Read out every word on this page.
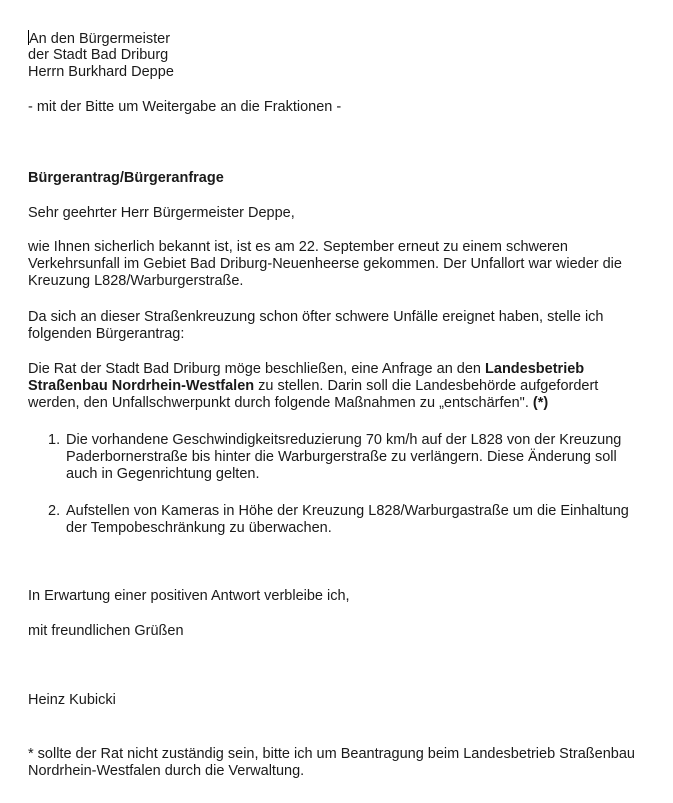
An den Bürgermeister
der Stadt Bad Driburg
Herrn Burkhard Deppe
- mit der Bitte um Weitergabe an die Fraktionen -
Bürgerantrag/Bürgeranfrage
Sehr geehrter Herr Bürgermeister Deppe,
wie Ihnen sicherlich bekannt ist, ist es am 22. September erneut zu einem schweren
Verkehrsunfall im Gebiet Bad Driburg-Neuenheerse gekommen. Der Unfallort war wieder die
Kreuzung L828/Warburgerstraße.
Da sich an dieser Straßenkreuzung schon öfter schwere Unfälle ereignet haben, stelle ich
folgenden Bürgerantrag:
Die Rat der Stadt Bad Driburg möge beschließen, eine Anfrage an den Landesbetrieb
Straßenbau Nordrhein-Westfalen zu stellen. Darin soll die Landesbehörde aufgefordert
werden, den Unfallschwerpunkt durch folgende Maßnahmen zu „entschärfen". (*)
1. Die vorhandene Geschwindigkeitsreduzierung 70 km/h auf der L828 von der Kreuzung
Paderbornerstraße bis hinter die Warburgerstraße zu verlängern. Diese Änderung soll
auch in Gegenrichtung gelten.
2. Aufstellen von Kameras in Höhe der Kreuzung L828/Warburgastraße um die Einhaltung
der Tempobeschränkung zu überwachen.
In Erwartung einer positiven Antwort verbleibe ich,
mit freundlichen Grüßen
Heinz Kubicki
* sollte der Rat nicht zuständig sein, bitte ich um Beantragung beim Landesbetrieb Straßenbau
Nordrhein-Westfalen durch die Verwaltung.
